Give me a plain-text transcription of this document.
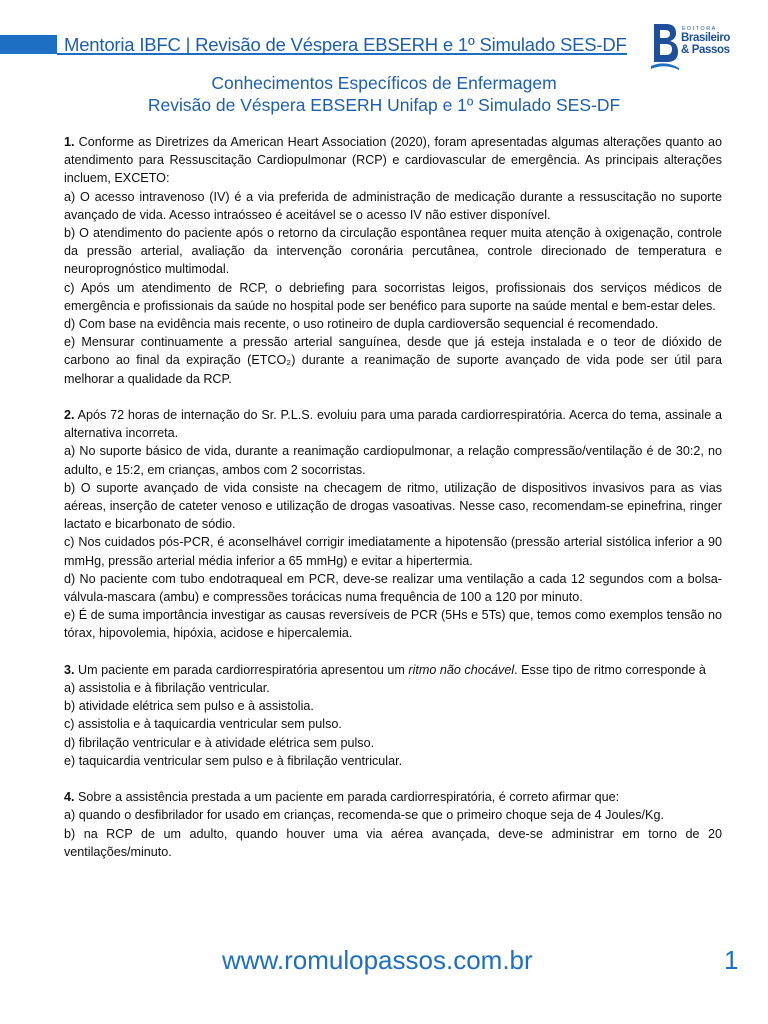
Mentoria IBFC | Revisão de Véspera EBSERH e 1º Simulado SES-DF
EDITORA
Brasileiro
& Passos
Conhecimentos Específicos de Enfermagem
Revisão de Véspera EBSERH Unifap e 1º Simulado SES-DF

1. Conforme as Diretrizes da American Heart Association (2020), foram apresentadas algumas alterações quanto ao atendimento para Ressuscitação Cardiopulmonar (RCP) e cardiovascular de emergência. As principais alterações incluem, EXCETO:

a) O acesso intravenoso (IV) é a via preferida de administração de medicação durante a ressuscitação no suporte avançado de vida. Acesso intraósseo é aceitável se o acesso IV não estiver disponível.

b) O atendimento do paciente após o retorno da circulação espontânea requer muita atenção à oxigenação, controle da pressão arterial, avaliação da intervenção coronária percutânea, controle direcionado de temperatura e neuroprognóstico multimodal.

c) Após um atendimento de RCP, o debriefing para socorristas leigos, profissionais dos serviços médicos de emergência e profissionais da saúde no hospital pode ser benéfico para suporte na saúde mental e bem-estar deles.

d) Com base na evidência mais recente, o uso rotineiro de dupla cardioversão sequencial é recomendado.

e) Mensurar continuamente a pressão arterial sanguínea, desde que já esteja instalada e o teor de dióxido de carbono ao final da expiração (ETCO₂) durante a reanimação de suporte avançado de vida pode ser útil para melhorar a qualidade da RCP.

2. Após 72 horas de internação do Sr. P.L.S. evoluiu para uma parada cardiorrespiratória. Acerca do tema, assinale a alternativa incorreta.

a) No suporte básico de vida, durante a reanimação cardiopulmonar, a relação compressão/ventilação é de 30:2, no adulto, e 15:2, em crianças, ambos com 2 socorristas.

b) O suporte avançado de vida consiste na checagem de ritmo, utilização de dispositivos invasivos para as vias aéreas, inserção de cateter venoso e utilização de drogas vasoativas. Nesse caso, recomendam-se epinefrina, ringer lactato e bicarbonato de sódio.

c) Nos cuidados pós-PCR, é aconselhável corrigir imediatamente a hipotensão (pressão arterial sistólica inferior a 90 mmHg, pressão arterial média inferior a 65 mmHg) e evitar a hipertermia.

d) No paciente com tubo endotraqueal em PCR, deve-se realizar uma ventilação a cada 12 segundos com a bolsa-válvula-mascara (ambu) e compressões torácicas numa frequência de 100 a 120 por minuto.

e) É de suma importância investigar as causas reversíveis de PCR (5Hs e 5Ts) que, temos como exemplos tensão no tórax, hipovolemia, hipóxia, acidose e hipercalemia.

3. Um paciente em parada cardiorrespiratória apresentou um ritmo não chocável. Esse tipo de ritmo corresponde à

a) assistolia e à fibrilação ventricular.

b) atividade elétrica sem pulso e à assistolia.

c) assistolia e à taquicardia ventricular sem pulso.

d) fibrilação ventricular e à atividade elétrica sem pulso.

e) taquicardia ventricular sem pulso e à fibrilação ventricular.

4. Sobre a assistência prestada a um paciente em parada cardiorrespiratória, é correto afirmar que:

a) quando o desfibrilador for usado em crianças, recomenda-se que o primeiro choque seja de 4 Joules/Kg.

b) na RCP de um adulto, quando houver uma via aérea avançada, deve-se administrar em torno de 20 ventilações/minuto.

www.romulopassos.com.br	1
